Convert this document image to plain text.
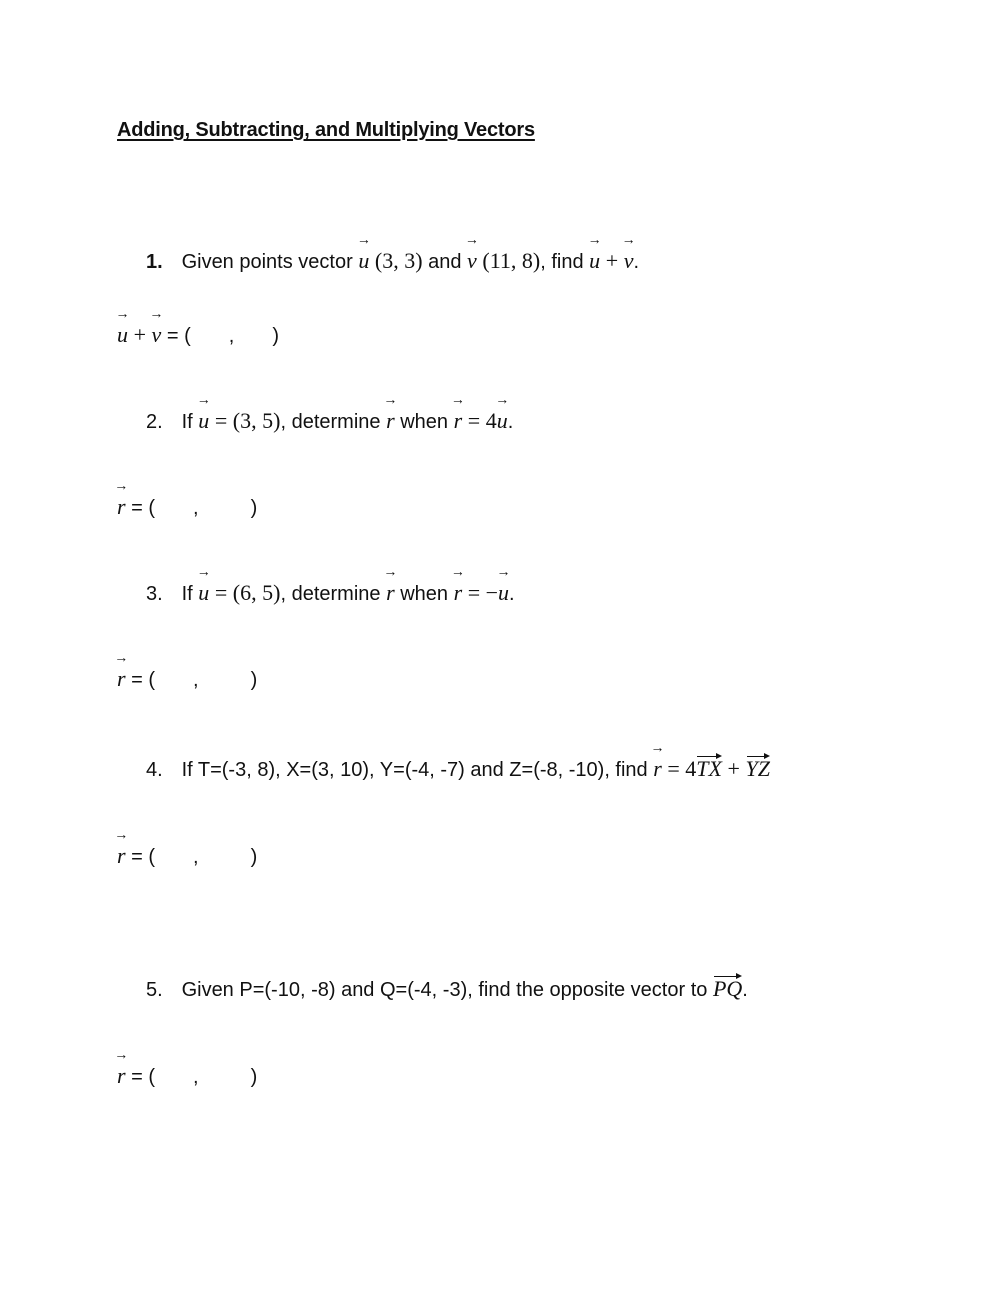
Adding, Subtracting, and Multiplying Vectors
1. Given points vector → u (3, 3) and → v (11, 8), find → u + → v.
→ u + → v = ( , )
2. If → u = (3, 5), determine → r when → r = 4→ u.
→ r = ( ,	)
3. If → u = (6, 5), determine → r when → r = −→ u.
→ r = ( ,	)
4. If T=(-3, 8), X=(3, 10), Y=(-4, -7) and Z=(-8, -10), find → r = 4TX + YZ
→ r = ( ,	)
5. Given P=(-10, -8) and Q=(-4, -3), find the opposite vector to PQ.
→ r = ( ,	)
